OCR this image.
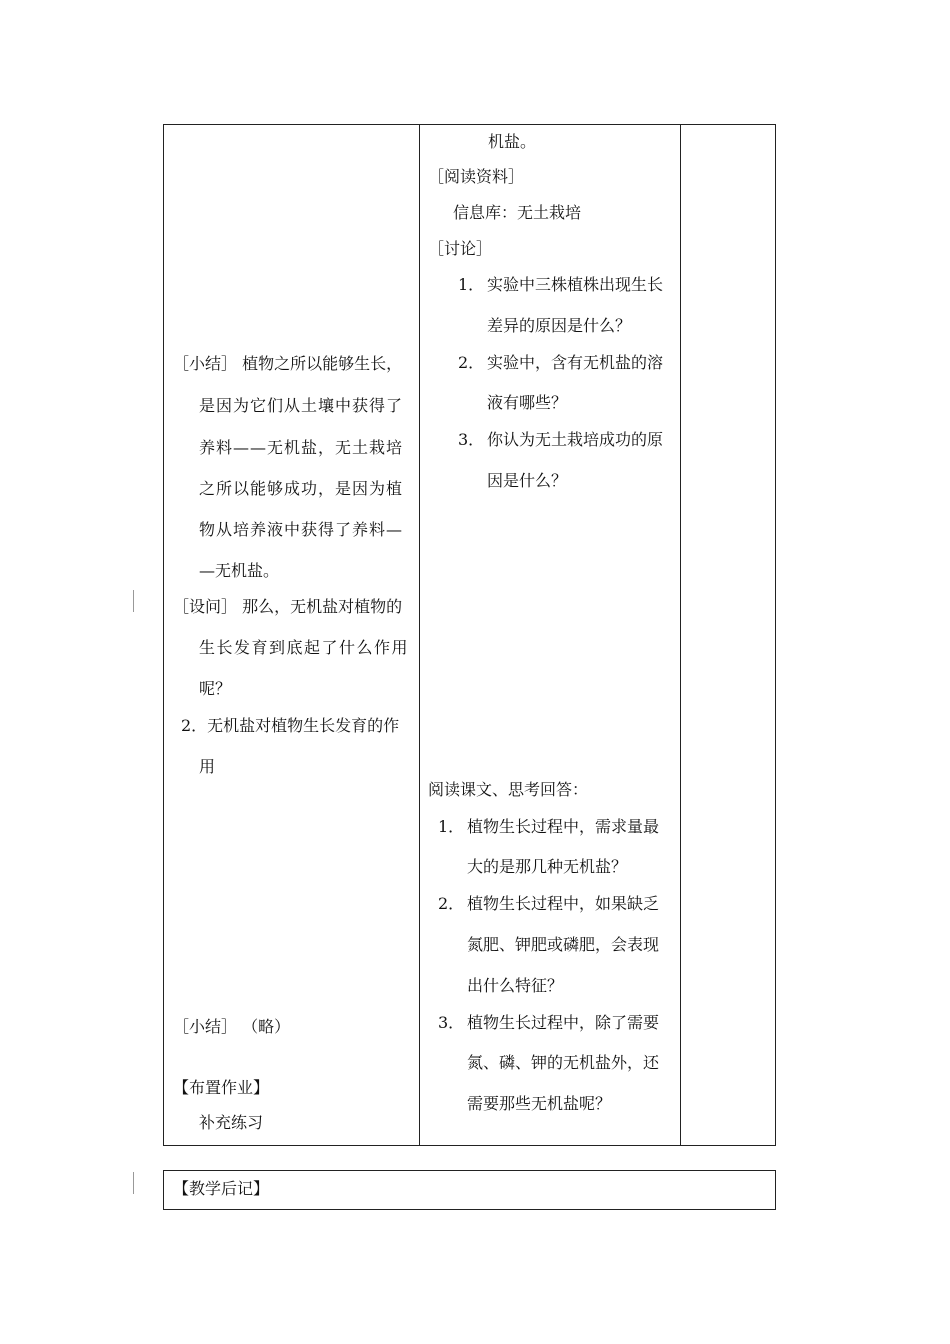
［小结］ 植物之所以能够生长，
是因为它们从土壤中获得了
养料——无机盐，无土栽培
之所以能够成功，是因为植
物从培养液中获得了养料—
—无机盐。
［设问］ 那么，无机盐对植物的
生长发育到底起了什么作用
呢？
2．无机盐对植物生长发育的作
用
［小结］ （略）
【布置作业】
补充练习
机盐。
［阅读资料］
信息库：无土栽培
［讨论］
1． 实验中三株植株出现生长
差异的原因是什么？
2． 实验中，含有无机盐的溶
液有哪些？
3． 你认为无土栽培成功的原
因是什么？
阅读课文、思考回答：
1． 植物生长过程中，需求量最
大的是那几种无机盐？
2． 植物生长过程中，如果缺乏
氮肥、钾肥或磷肥，会表现
出什么特征？
3． 植物生长过程中，除了需要
氮、磷、钾的无机盐外，还
需要那些无机盐呢？
【教学后记】
